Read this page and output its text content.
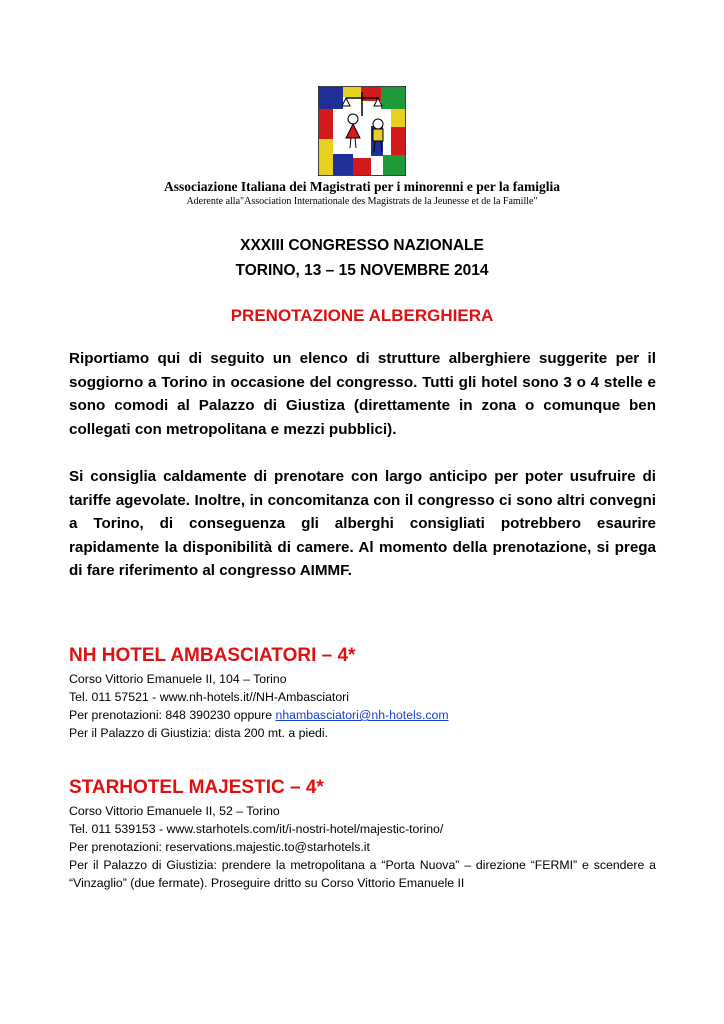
Associazione Italiana dei Magistrati per i minorenni e per la famiglia
Aderente alla"Association Internationale des Magistrats de la Jeunesse et de la Famille"
XXXIII CONGRESSO NAZIONALE
TORINO, 13 – 15 NOVEMBRE 2014
PRENOTAZIONE ALBERGHIERA
Riportiamo qui di seguito un elenco di strutture alberghiere suggerite per il soggiorno a Torino in occasione del congresso. Tutti gli hotel sono 3 o 4 stelle e sono comodi al Palazzo di Giustiza (direttamente in zona o comunque ben collegati con metropolitana e mezzi pubblici).
Si consiglia caldamente di prenotare con largo anticipo per poter usufruire di tariffe agevolate. Inoltre, in concomitanza con il congresso ci sono altri convegni a Torino, di conseguenza gli alberghi consigliati potrebbero esaurire rapidamente la disponibilità di camere. Al momento della prenotazione, si prega di fare riferimento al congresso AIMMF.
NH HOTEL AMBASCIATORI – 4*
Corso Vittorio Emanuele II, 104 – Torino
Tel. 011 57521 - www.nh-hotels.it//NH-Ambasciatori
Per prenotazioni: 848 390230 oppure nhambasciatori@nh-hotels.com
Per il Palazzo di Giustizia: dista 200 mt. a piedi.
STARHOTEL MAJESTIC – 4*
Corso Vittorio Emanuele II, 52 – Torino
Tel. 011 539153 - www.starhotels.com/it/i-nostri-hotel/majestic-torino/
Per prenotazioni: reservations.majestic.to@starhotels.it
Per il Palazzo di Giustizia: prendere la metropolitana a “Porta Nuova” – direzione “FERMI” e scendere a “Vinzaglio” (due fermate). Proseguire dritto su Corso Vittorio Emanuele II
